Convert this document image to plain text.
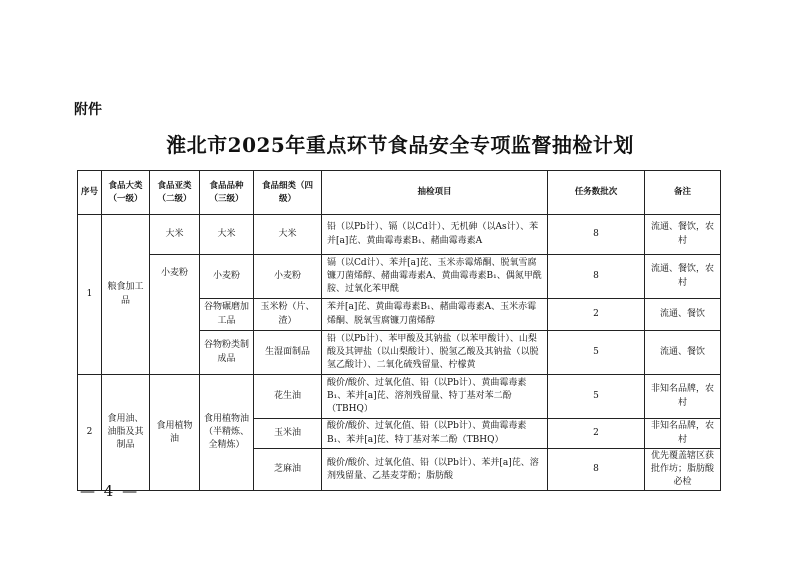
附件
淮北市2025年重点环节食品安全专项监督抽检计划
序号	食品大类（一级）	食品亚类（二级）	食品品种（三级）	食品细类（四级）	抽检项目	任务数批次	备注
1	粮食加工品	大米	大米	大米	铅（以Pb计）、镉（以Cd计）、无机砷（以As计）、苯并[a]芘、黄曲霉毒素B₁、赭曲霉毒素A	8	流通、餐饮，农村
		小麦粉	小麦粉	小麦粉	镉（以Cd计）、苯并[a]芘、玉米赤霉烯酮、脱氧雪腐镰刀菌烯醇、赭曲霉毒素A、黄曲霉毒素B₁、偶氮甲酰胺、过氧化苯甲酰	8	流通、餐饮，农村
			谷物碾磨加工品	玉米粉（片、渣）	苯并[a]芘、黄曲霉毒素B₁、赭曲霉毒素A、玉米赤霉烯酮、脱氧雪腐镰刀菌烯醇	2	流通、餐饮
			谷物粉类制成品	生湿面制品	铅（以Pb计）、苯甲酸及其钠盐（以苯甲酸计）、山梨酸及其钾盐（以山梨酸计）、脱氢乙酸及其钠盐（以脱氢乙酸计）、二氧化硫残留量、柠檬黄	5	流通、餐饮
2	食用油、油脂及其制品	食用植物油	食用植物油（半精炼、全精炼）	花生油	酸价/酸价、过氧化值、铅（以Pb计）、黄曲霉毒素B₁、苯并[a]芘、溶剂残留量、特丁基对苯二酚（TBHQ）	5	非知名品牌，农村
				玉米油	酸价/酸价、过氧化值、铅（以Pb计）、黄曲霉毒素B₁、苯并[a]芘、特丁基对苯二酚（TBHQ）	2	非知名品牌，农村
				芝麻油	酸价/酸价、过氧化值、铅（以Pb计）、苯并[a]芘、溶剂残留量、乙基麦芽酚；脂肪酸	8	优先覆盖辖区获批作坊；脂肪酸必检
— 4 —
